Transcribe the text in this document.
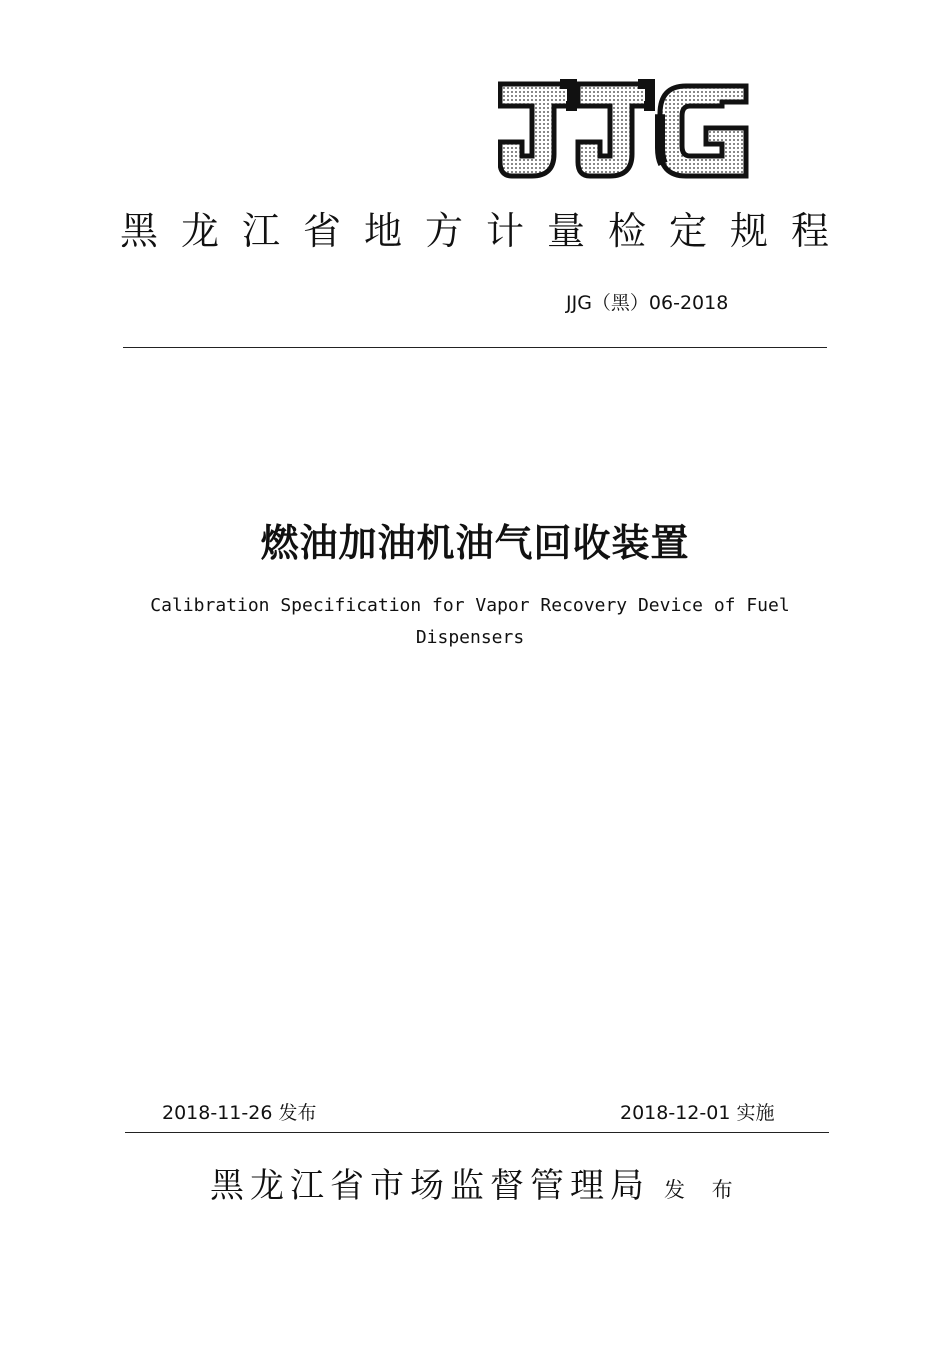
黑龙江省地方计量检定规程
JJG（黑）06-2018
燃油加油机油气回收装置
Calibration Specification for Vapor Recovery Device of Fuel Dispensers
2018-11-26 发布	2018-12-01 实施
黑龙江省市场监督管理局 发 布
